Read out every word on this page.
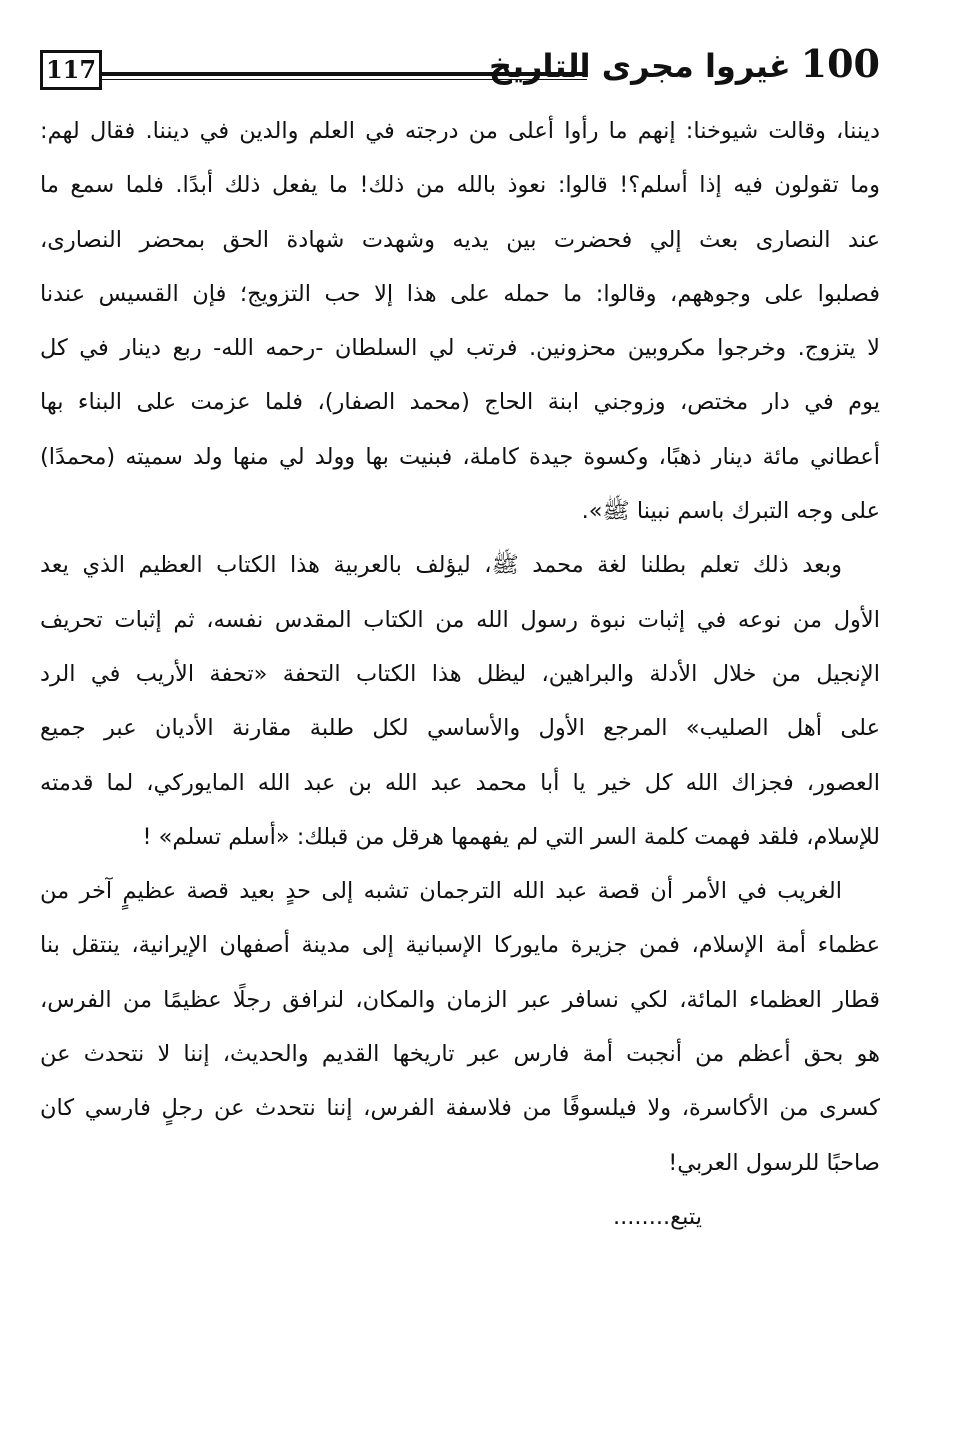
117	100غيروا مجرى التاريخ
ديننا، وقالت شيوخنا: إنهم ما رأوا أعلى من درجته في العلم والدين في ديننا. فقال لهم:
وما تقولون فيه إذا أسلم؟! قالوا: نعوذ بالله من ذلك! ما يفعل ذلك أبدًا. فلما سمع ما
عند النصارى بعث إلي فحضرت بين يديه وشهدت شهادة الحق بمحضر النصارى،
فصلبوا على وجوههم، وقالوا: ما حمله على هذا إلا حب التزويج؛ فإن القسيس عندنا
لا يتزوج. وخرجوا مكروبين محزونين. فرتب لي السلطان -رحمه الله- ربع دينار في كل
يوم في دار مختص، وزوجني ابنة الحاج (محمد الصفار)، فلما عزمت على البناء بها
أعطاني مائة دينار ذهبًا، وكسوة جيدة كاملة، فبنيت بها وولد لي منها ولد سميته (محمدًا)
على وجه التبرك باسم نبينا ﷺ».
وبعد ذلك تعلم بطلنا لغة محمد ﷺ، ليؤلف بالعربية هذا الكتاب العظيم الذي يعد
الأول من نوعه في إثبات نبوة رسول الله من الكتاب المقدس نفسه، ثم إثبات تحريف
الإنجيل من خلال الأدلة والبراهين، ليظل هذا الكتاب التحفة «تحفة الأريب في الرد
على أهل الصليب» المرجع الأول والأساسي لكل طلبة مقارنة الأديان عبر جميع
العصور، فجزاك الله كل خير يا أبا محمد عبد الله بن عبد الله المايوركي، لما قدمته
للإسلام، فلقد فهمت كلمة السر التي لم يفهمها هرقل من قبلك: «أسلم تسلم» !
الغريب في الأمر أن قصة عبد الله الترجمان تشبه إلى حدٍ بعيد قصة عظيمٍ آخر من
عظماء أمة الإسلام، فمن جزيرة مايوركا الإسبانية إلى مدينة أصفهان الإيرانية، ينتقل بنا
قطار العظماء المائة، لكي نسافر عبر الزمان والمكان، لنرافق رجلًا عظيمًا من الفرس،
هو بحق أعظم من أنجبت أمة فارس عبر تاريخها القديم والحديث، إننا لا نتحدث عن
كسرى من الأكاسرة، ولا فيلسوفًا من فلاسفة الفرس، إننا نتحدث عن رجلٍ فارسي كان
صاحبًا للرسول العربي!
يتبع........
